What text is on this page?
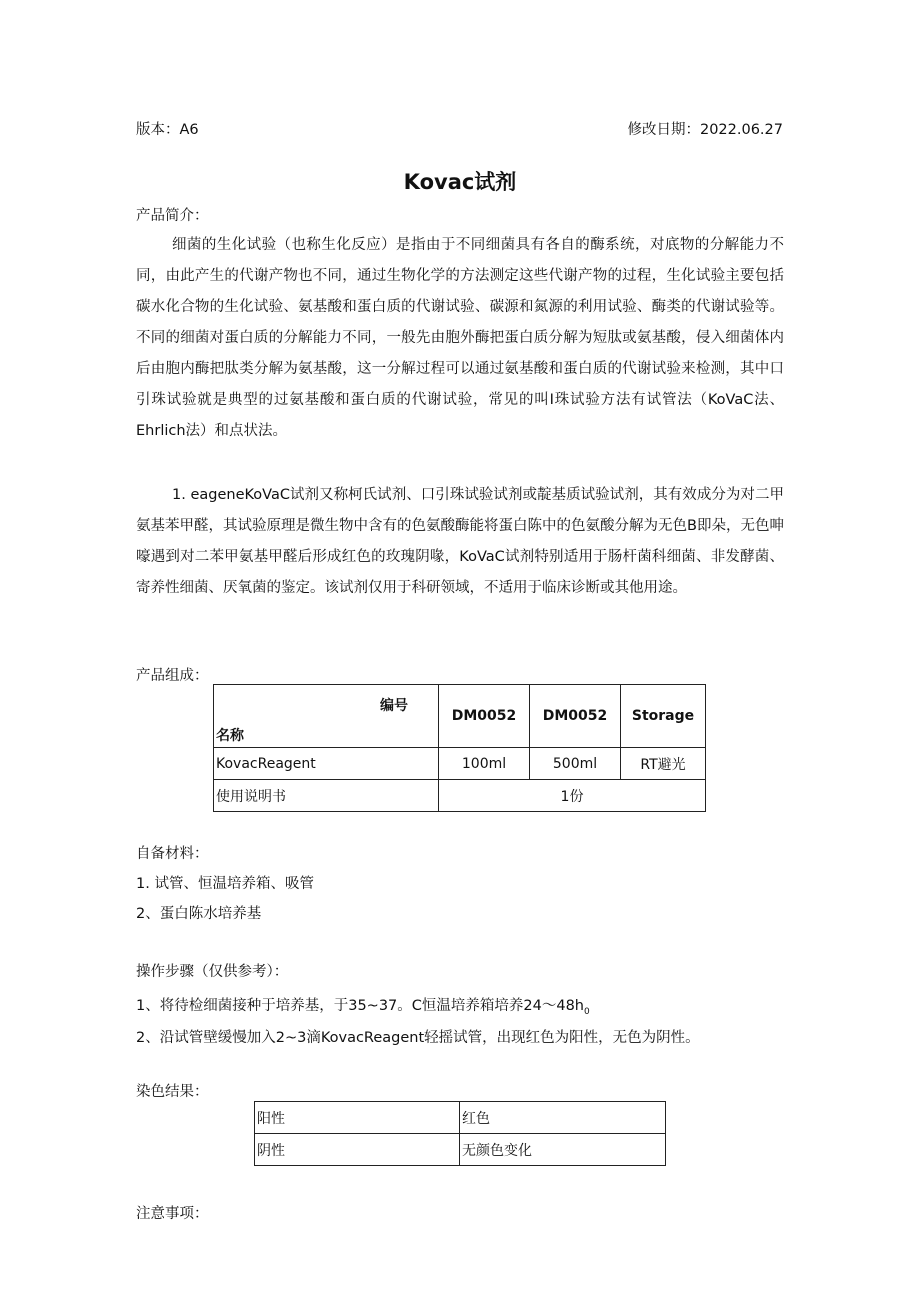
版本：A6	修改日期：2022.06.27
Kovac试剂
产品简介：
细菌的生化试验（也称生化反应）是指由于不同细菌具有各自的酶系统，对底物的分解能力不同，由此产生的代谢产物也不同，通过生物化学的方法测定这些代谢产物的过程，生化试验主要包括碳水化合物的生化试验、氨基酸和蛋白质的代谢试验、碳源和氮源的利用试验、酶类的代谢试验等。不同的细菌对蛋白质的分解能力不同，一般先由胞外酶把蛋白质分解为短肽或氨基酸，侵入细菌体内后由胞内酶把肽类分解为氨基酸，这一分解过程可以通过氨基酸和蛋白质的代谢试验来检测，其中口引珠试验就是典型的过氨基酸和蛋白质的代谢试验，常见的叫Ⅰ珠试验方法有试管法（KoVaC法、Ehrlich法）和点状法。
1. eageneKoVaC试剂又称柯氏试剂、口引珠试验试剂或靛基质试验试剂，其有效成分为对二甲氨基苯甲醛，其试验原理是微生物中含有的色氨酸酶能将蛋白陈中的色氨酸分解为无色B即朵，无色呻嚎遇到对二苯甲氨基甲醛后形成红色的玫瑰阴喙，KoVaC试剂特别适用于肠杆菌科细菌、非发酵菌、寄养性细菌、厌氧菌的鉴定。该试剂仅用于科研领域，不适用于临床诊断或其他用途。
产品组成：
编号
名称	DM0052	DM0052	Storage
KovacReagent	100ml	500ml	RT避光
使用说明书	1份		
自备材料：
1. 试管、恒温培养箱、吸管
2、蛋白陈水培养基
操作步骤（仅供参考）：
1、将待检细菌接种于培养基，于35~37。C恒温培养箱培养$24\sim 48h_0$
2、沿试管壁缓慢加入2~3滴KovacReagent轻摇试管，出现红色为阳性，无色为阴性。
染色结果：
阳性	红色
阴性	无颜色变化
注意事项：
